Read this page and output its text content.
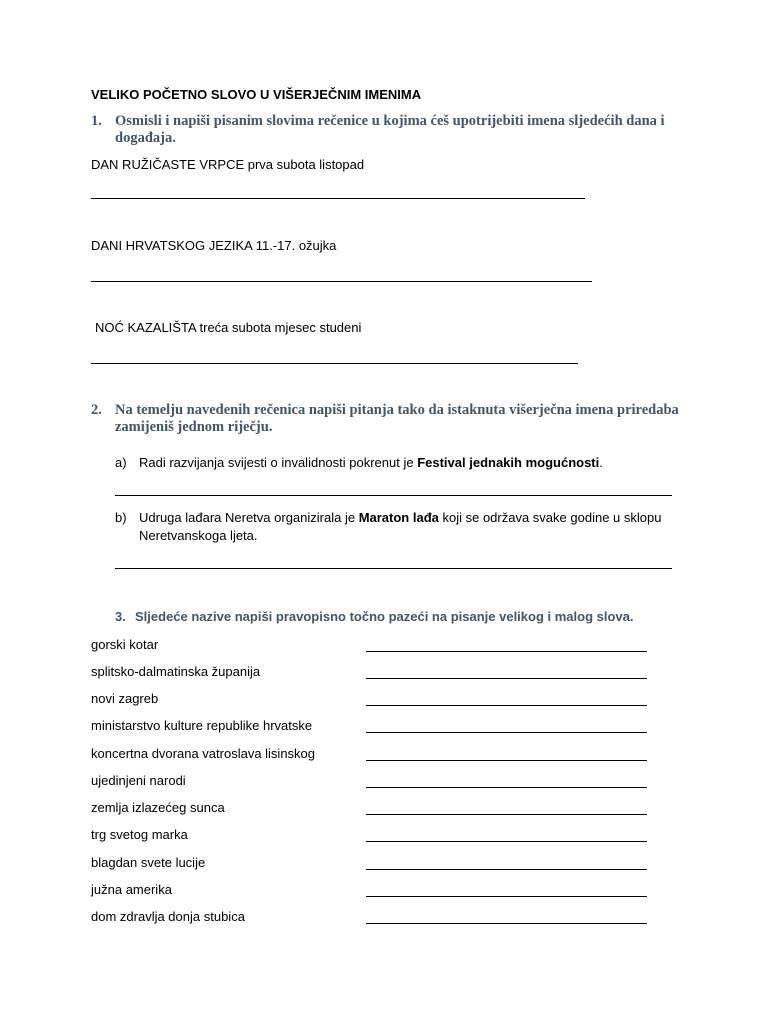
VELIKO POČETNO SLOVO U VIŠERJEČNIM IMENIMA
1. Osmisli i napiši pisanim slovima rečenice u kojima ćeš upotrijebiti imena sljedećih dana i
događaja.
DAN RUŽIČASTE VRPCE prva subota listopad
DANI HRVATSKOG JEZIKA 11.-17. ožujka
NOĆ KAZALIŠTA treća subota mjesec studeni
2. Na temelju navedenih rečenica napiši pitanja tako da istaknuta višerječna imena priredaba
zamijeniš jednom riječju.
a) Radi razvijanja svijesti o invalidnosti pokrenut je Festival jednakih mogućnosti.
b) Udruga lađara Neretva organizirala je Maraton lađa koji se održava svake godine u sklopu
Neretvanskoga ljeta.
3. Sljedeće nazive napiši pravopisno točno pazeći na pisanje velikog i malog slova.
gorski kotar
splitsko-dalmatinska županija
novi zagreb
ministarstvo kulture republike hrvatske
koncertna dvorana vatroslava lisinskog
ujedinjeni narodi
zemlja izlazećeg sunca
trg svetog marka
blagdan svete lucije
južna amerika
dom zdravlja donja stubica
